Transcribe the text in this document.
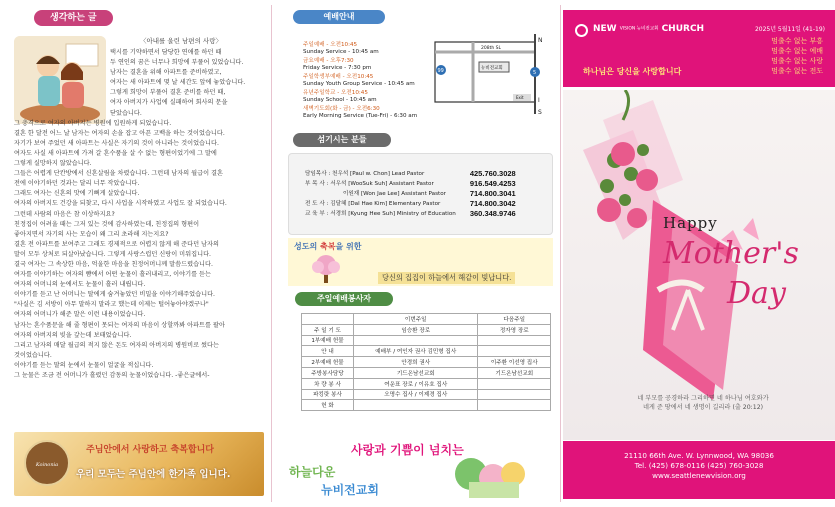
생각하는 글
〈아내를 울린 남편의 사랑〉

택시를 기약하면서 담당한 연애를 하던 때

두 연인의 꿈은 너무나 희망에 부풀어 있었습니다.

남자는 결혼을 위해 아파트를 준비하였고,

여자는 새 아파트에 몇 날 세간도 앞에 놓았습니다.

그렇게 희망이 부풀어 결혼 준비를 하던 때,

여자 아버지가 사업에 실패하여 회사의 문을

닫았습니다.

그 충격으로 여자의 아버지는 병원에 입원하게 되었습니다.

결혼 한 달전 어느 날 남자는 여자의 손을 잡고 아픈 고백을 하는 것이었습니다.

자기가 보여 주었던 새 아파트는 사실은 자기의 것이 아니라는 것이었습니다.

여자도 사실 새 아파트에 가져 갈 혼수품을 살 수 없는 형편이었기에 그 말에

그렇게 실망하지 않았습니다.

그들은 어렵게 단칸방에서 신혼살림을 차렸습니다. 그런데 남자의 월급이 결혼

전에 이야기하던 것과는 달리 너무 작았습니다.

그래도 여자는 신혼의 맛에 기뻐게 살았습니다.

여자의 아버지도 건강을 되찾고, 다시 사업을 시작하였고 사업도 잘 되었습니다.

그런데 사람의 마음은 참 이상하지요?

친정집이 어려울 때는 그저 있는 것에 감사하였는데, 친정집의 형편이

좋아지면서 자기의 사는 모습이 왜 그리 초라해 지는지요?

결혼 전 아파트를 보여주고 그래도 경제적으로 어렵지 않게 해 준다던 남자의

말이 모두 상처로 되살아났습니다. 그렇게 사랑스럽던 신랑이 미워집니다.

결국 여자는 그 속상한 마음, 억울한 마음을 친정어머니께 말씀드렸습니다.

여자를 이야기하는 여자의 뺨에서 어떤 눈물이 흘러내리고, 이야기를 듣는

여자의 어머니의 눈에서도 눈물이 흘러 내립니다.

이야기를 듣고 난 어머니는 딸에게 숨겨놓았던 비밀을 이야기해주었습니다.

"사실은 김 서방이 아무 말하지 말라고 했는데 이제는 털어놓아야겠구나"

여자의 어머니가 해준 말은 이런 내용이었습니다.

남자는 혼수품문을 해 줄 형편이 못되는 여자의 마음이 상할까봐 아파트를 팔아

여자의 아버지의 빚을 갚는데 보태었습니다.

그리고 남자의 매달 월급의 적지 않은 돈도 여자의 아버지의 병원비로 썼다는

것이었습니다.

이야기를 듣는 딸의 눈에서 눈물이 얼굴을 적십니다.

그 눈물은 조금 전 어머니가 흘렸던 감동의 눈물이었습니다. -좋은글에서-

Koinonia
주님안에서 사랑하고 축복합니다
우리 모두는 주님안에 한가족 입니다.
예배안내
주일예배 - 오전10:45
Sunday Service - 10:45 am
금요예배 - 오후7:30
Friday Service - 7:30 pm
주일학생부예배 - 오전10:45
Sunday Youth Group Service - 10:45 am
유년주일학교 - 오전10:45
Sunday School - 10:45 am
새벽기도회(화 - 금) - 오전6:30
Early Morning Service (Tue-Fri) - 6:30 am
뉴비전교회
208th SL
99	5
N
S
I
Exit
섬기시는 분들
담임목사 : 천우석 [Paul w. Chon] Lead Pastor	425.760.3028
부 목 사 : 서우석 [WooSuk Suh] Assistant Pastor	916.549.4253
이원재 [Won Jae Lee] Assistant Pastor	714.800.3041
전 도 사 : 김달혜 [Dal Hae Kim] Elementary Pastor	714.800.3042
교 육 부 : 서경희 [Kyung Hee Suh] Ministry of Education	360.348.9746
성도의 축복을 위한
당신의 집집이 하늘에서 해같이 빛납니다.
주일예배봉사자
	이번주일	다음주일
주 일 기 도	임승환 장로	정자영 장로
1부예배 헌물		
안 내	예배부 / 여인자 권사 김민형 집사	
2부예배 헌물	안경희 권사	이주환 이선영 집사
주방봉사담당	기드온남선교회	기드온남선교회
차 량 봉 사	여운표 장로 / 이유호 집사	
파킹랏 봉사	오명수 집사 / 이제경 집사	
헌 화		
사랑과 기쁨이 넘치는
하늘다운
뉴비전교회
NEW VISION 뉴비전교회 CHURCH	2025년 5월11일 (41-19)
멈출수 없는 부흥
멈출수 없는 예배
멈출수 없는 사랑
멈출수 없는 전도
하나님은 당신을 사랑합니다
Happy
Mother's
Day
네 부모를 공경하라 그리하면 네 하나님 여호와가
네게 준 땅에서 네 생명이 길리라 (출 20:12)
21110 66th Ave. W. Lynnwood, WA 98036
Tel. (425) 678-0116 (425) 760-3028
www.seattlenewvision.org
